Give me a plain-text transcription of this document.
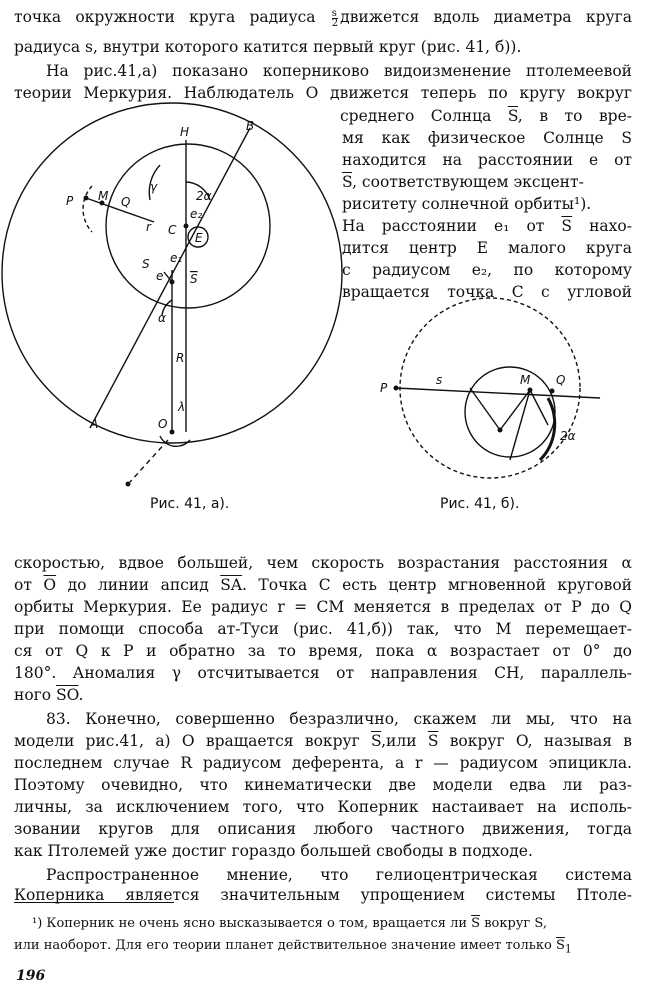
точка окружности круга радиуса $\frac{s}{2}$ движется вдоль диаметра круга
радиуса s, внутри которого катится первый круг (рис. 41, б)).
На рис.41,а) показано коперниково видоизменение птолемеевой
теории Меркурия. Наблюдатель O движется теперь по кругу вокруг
среднего Солнца $\overline{S}$, в то вре-
мя как физическое Солнце S
находится на расстоянии e от
$\overline{S}$, соответствующем эксцент-
риситету солнечной орбиты¹).
На расстоянии e₁ от $\overline{S}$ нахо-
дится центр E малого круга
с радиусом e₂, по которому
вращается точка C с угловой
P M Q
H	B
γ
2α
e₂
r C
E
S e₁
e S
α
R
A	O
λ
Рис. 41, а).
P
s	M Q
2α
Рис. 41, б).
скоростью, вдвое большей, чем скорость возрастания расстояния α
от $\overline{O}$ до линии апсид $\overline{SA}$. Точка C есть центр мгновенной круговой
орбиты Меркурия. Ее радиус r = CM меняется в пределах от P до Q
при помощи способа ат-Туси (рис. 41,б)) так, что M перемещает-
ся от Q к P и обратно за то время, пока α возрастает от 0° до
180°. Аномалия γ отсчитывается от направления CH, параллель-
ного $\overline{SO}$.
83. Конечно, совершенно безразлично, скажем ли мы, что на
модели рис.41, а) O вращается вокруг $\overline{S},или$ $\overline{S}$ вокруг O, называя в
последнем случае R радиусом деферента, а r — радиусом эпицикла.
Поэтому очевидно, что кинематически две модели едва ли раз-
личны, за исключением того, что Коперник настаивает на исполь-
зовании кругов для описания любого частного движения, тогда
как Птолемей уже достиг гораздо большей свободы в подходе.
Распространенное мнение, что гелиоцентрическая система
Коперника является значительным упрощением системы Птоле-
¹) Коперник не очень ясно высказывается о том, вращается ли $\overline{S}$ вокруг S,
или наоборот. Для его теории планет действительное значение имеет только $\overline{S}_1$
196
